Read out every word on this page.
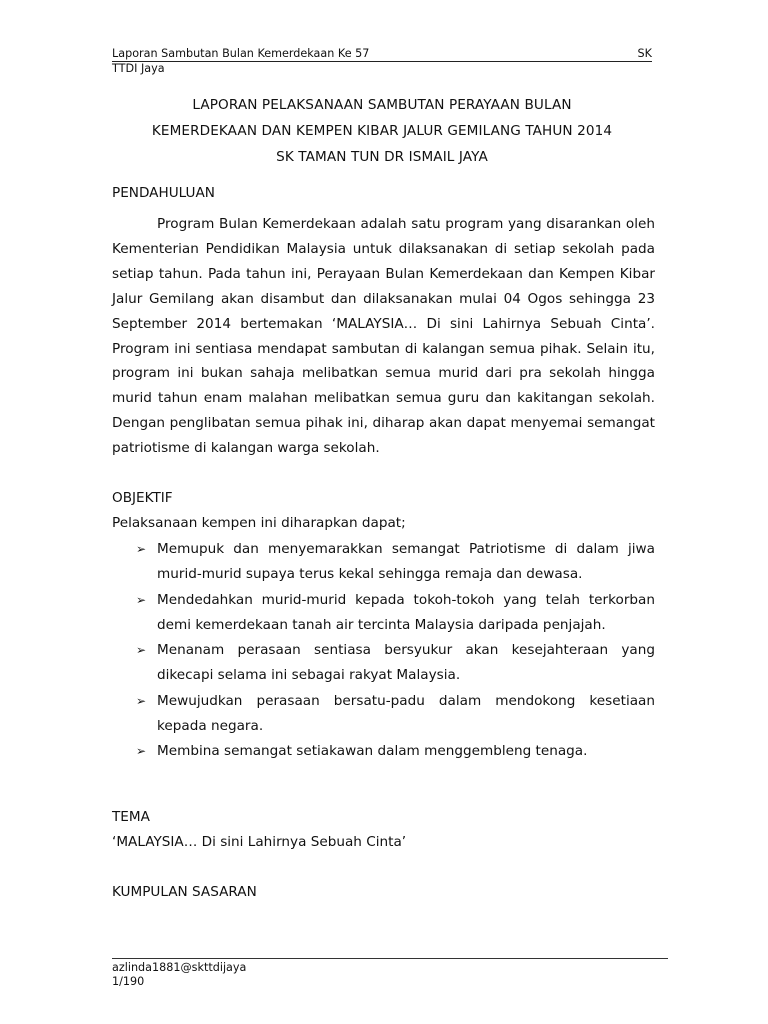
Laporan Sambutan Bulan Kemerdekaan Ke 57	SK
TTDI Jaya
LAPORAN PELAKSANAAN SAMBUTAN PERAYAAN BULAN
KEMERDEKAAN DAN KEMPEN KIBAR JALUR GEMILANG TAHUN 2014
SK TAMAN TUN DR ISMAIL JAYA
PENDAHULUAN

Program Bulan Kemerdekaan adalah satu program yang disarankan oleh Kementerian Pendidikan Malaysia untuk dilaksanakan di setiap sekolah pada setiap tahun. Pada tahun ini, Perayaan Bulan Kemerdekaan dan Kempen Kibar Jalur Gemilang akan disambut dan dilaksanakan mulai 04 Ogos sehingga 23 September 2014 bertemakan ‘MALAYSIA… Di sini Lahirnya Sebuah Cinta’. Program ini sentiasa mendapat sambutan di kalangan semua pihak. Selain itu, program ini bukan sahaja melibatkan semua murid dari pra sekolah hingga murid tahun enam malahan melibatkan semua guru dan kakitangan sekolah. Dengan penglibatan semua pihak ini, diharap akan dapat menyemai semangat patriotisme di kalangan warga sekolah.

OBJEKTIF
Pelaksanaan kempen ini diharapkan dapat;
➢ Memupuk dan menyemarakkan semangat Patriotisme di dalam jiwa murid-murid supaya terus kekal sehingga remaja dan dewasa.
➢ Mendedahkan murid-murid kepada tokoh-tokoh yang telah terkorban demi kemerdekaan tanah air tercinta Malaysia daripada penjajah.
➢ Menanam perasaan sentiasa bersyukur akan kesejahteraan yang dikecapi selama ini sebagai rakyat Malaysia.
➢ Mewujudkan perasaan bersatu-padu dalam mendokong kesetiaan kepada negara.
➢ Membina semangat setiakawan dalam menggembleng tenaga.
TEMA
‘MALAYSIA… Di sini Lahirnya Sebuah Cinta’
KUMPULAN SASARAN
azlinda1881@skttdijaya
1/190
